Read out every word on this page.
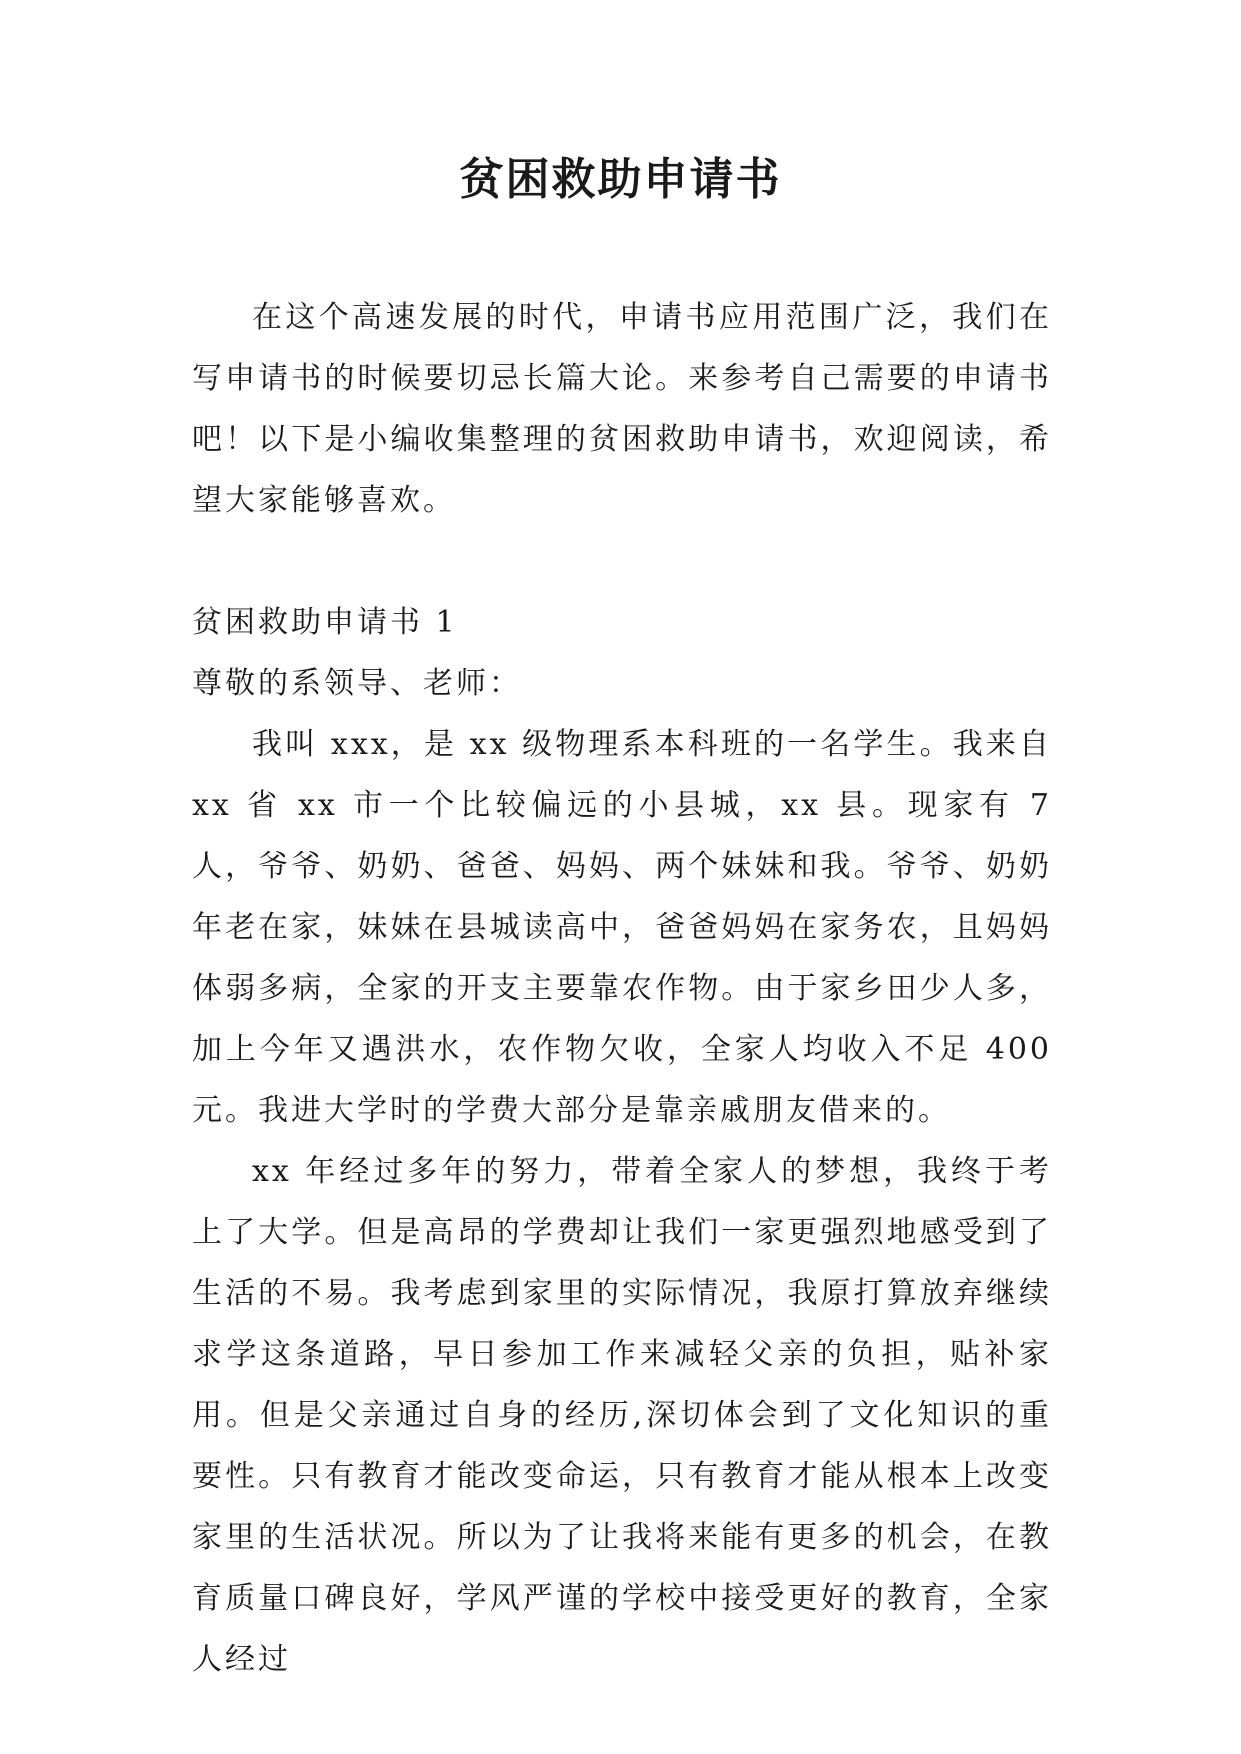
贫困救助申请书

在这个高速发展的时代，申请书应用范围广泛，我们在写申请书的时候要切忌长篇大论。来参考自己需要的申请书吧！以下是小编收集整理的贫困救助申请书，欢迎阅读，希望大家能够喜欢。

贫困救助申请书 1

尊敬的系领导、老师：

我叫 xxx，是 xx 级物理系本科班的一名学生。我来自 xx 省 xx 市一个比较偏远的小县城，xx 县。现家有 7 人，爷爷、奶奶、爸爸、妈妈、两个妹妹和我。爷爷、奶奶年老在家，妹妹在县城读高中，爸爸妈妈在家务农，且妈妈体弱多病，全家的开支主要靠农作物。由于家乡田少人多，加上今年又遇洪水，农作物欠收，全家人均收入不足 400 元。我进大学时的学费大部分是靠亲戚朋友借来的。

xx 年经过多年的努力，带着全家人的梦想，我终于考上了大学。但是高昂的学费却让我们一家更强烈地感受到了生活的不易。我考虑到家里的实际情况，我原打算放弃继续求学这条道路，早日参加工作来减轻父亲的负担，贴补家用。但是父亲通过自身的经历,深切体会到了文化知识的重要性。只有教育才能改变命运，只有教育才能从根本上改变家里的生活状况。所以为了让我将来能有更多的机会，在教育质量口碑良好，学风严谨的学校中接受更好的教育，全家人经过
